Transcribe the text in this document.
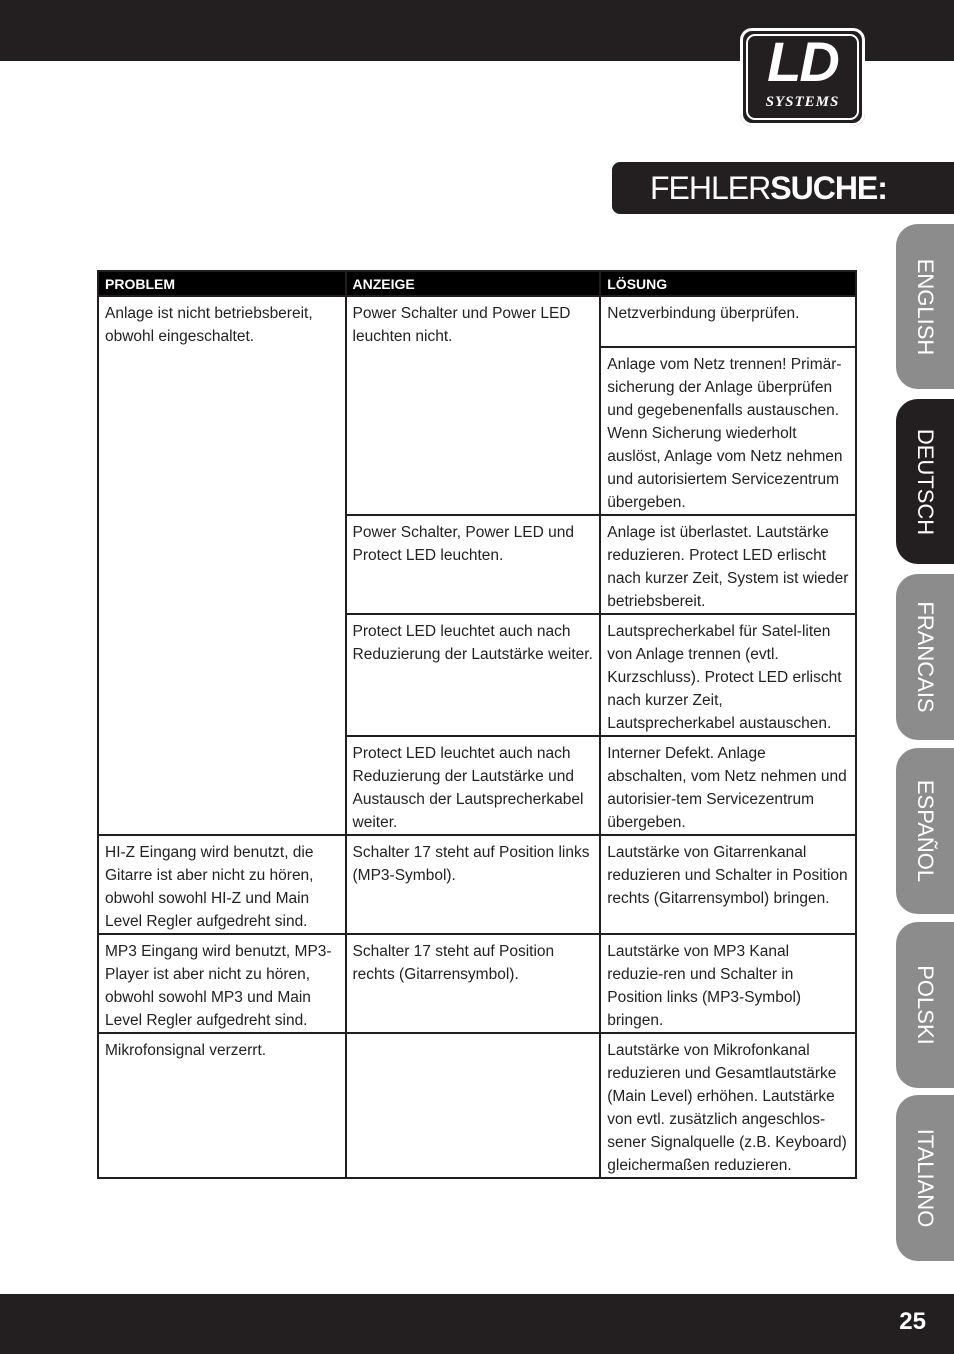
LD
SYSTEMS
FEHLERSUCHE:
ENGLISH
DEUTSCH
FRANCAIS
ESPAÑOL
POLSKI
ITALIANO
PROBLEM	ANZEIGE	LÖSUNG
Anlage ist nicht betriebsbereit, obwohl eingeschaltet.	Power Schalter und Power LED leuchten nicht.	Netzverbindung überprüfen.
		Anlage vom Netz trennen! Primärsicherung der Anlage überprüfen und gegebenenfalls austauschen. Wenn Sicherung wiederholt auslöst, Anlage vom Netz nehmen und autorisiertem Servicezentrum übergeben.
	Power Schalter, Power LED und Protect LED leuchten.	Anlage ist überlastet. Lautstärke reduzieren. Protect LED erlischt nach kurzer Zeit, System ist wieder betriebsbereit.
	Protect LED leuchtet auch nach Reduzierung der Lautstärke weiter.	Lautsprecherkabel für Satel-liten von Anlage trennen (evtl. Kurzschluss). Protect LED erlischt nach kurzer Zeit, Lautsprecherkabel austauschen.
	Protect LED leuchtet auch nach Reduzierung der Lautstärke und Austausch der Lautsprecherkabel weiter.	Interner Defekt. Anlage abschalten, vom Netz nehmen und autorisier-tem Servicezentrum übergeben.
HI-Z Eingang wird benutzt, die Gitarre ist aber nicht zu hören, obwohl sowohl HI-Z und Main Level Regler aufgedreht sind.	Schalter 17 steht auf Position links (MP3-Symbol).	Lautstärke von Gitarrenkanal reduzieren und Schalter in Position rechts (Gitarrensymbol) bringen.
MP3 Eingang wird benutzt, MP3-Player ist aber nicht zu hören, obwohl sowohl MP3 und Main Level Regler aufgedreht sind.	Schalter 17 steht auf Position rechts (Gitarrensymbol).	Lautstärke von MP3 Kanal reduzie-ren und Schalter in Position links (MP3-Symbol) bringen.
Mikrofonsignal verzerrt.		Lautstärke von Mikrofonkanal reduzieren und Gesamtlautstärke (Main Level) erhöhen. Lautstärke von evtl. zusätzlich angeschlos-sener Signalquelle (z.B. Keyboard) gleichermaßen reduzieren.
25
